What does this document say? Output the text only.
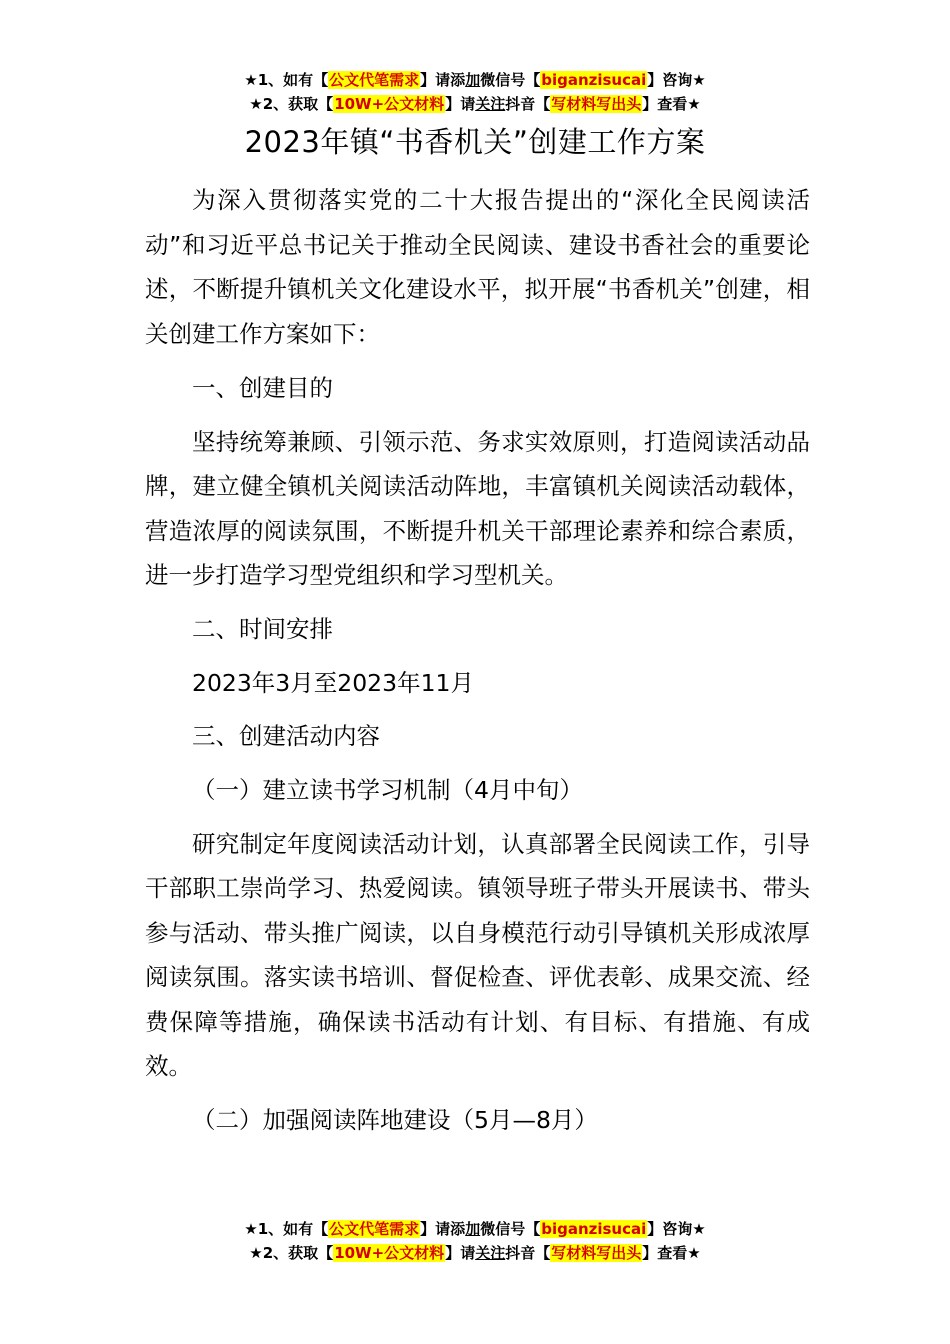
★1、如有【公文代笔需求】请添加微信号【biganzisucai】咨询★
★2、获取【10W+公文材料】请关注抖音【写材料写出头】查看★
2023年镇“书香机关”创建工作方案

为深入贯彻落实党的二十大报告提出的“深化全民阅读活动”和习近平总书记关于推动全民阅读、建设书香社会的重要论述，不断提升镇机关文化建设水平，拟开展“书香机关”创建，相关创建工作方案如下：

一、创建目的

坚持统筹兼顾、引领示范、务求实效原则，打造阅读活动品牌，建立健全镇机关阅读活动阵地，丰富镇机关阅读活动载体，营造浓厚的阅读氛围，不断提升机关干部理论素养和综合素质，进一步打造学习型党组织和学习型机关。

二、时间安排

2023年3月至2023年11月

三、创建活动内容

（一）建立读书学习机制（4月中旬）

研究制定年度阅读活动计划，认真部署全民阅读工作，引导干部职工崇尚学习、热爱阅读。镇领导班子带头开展读书、带头参与活动、带头推广阅读，以自身模范行动引导镇机关形成浓厚阅读氛围。落实读书培训、督促检查、评优表彰、成果交流、经费保障等措施，确保读书活动有计划、有目标、有措施、有成效。

（二）加强阅读阵地建设（5月—8月）

★1、如有【公文代笔需求】请添加微信号【biganzisucai】咨询★
★2、获取【10W+公文材料】请关注抖音【写材料写出头】查看★
